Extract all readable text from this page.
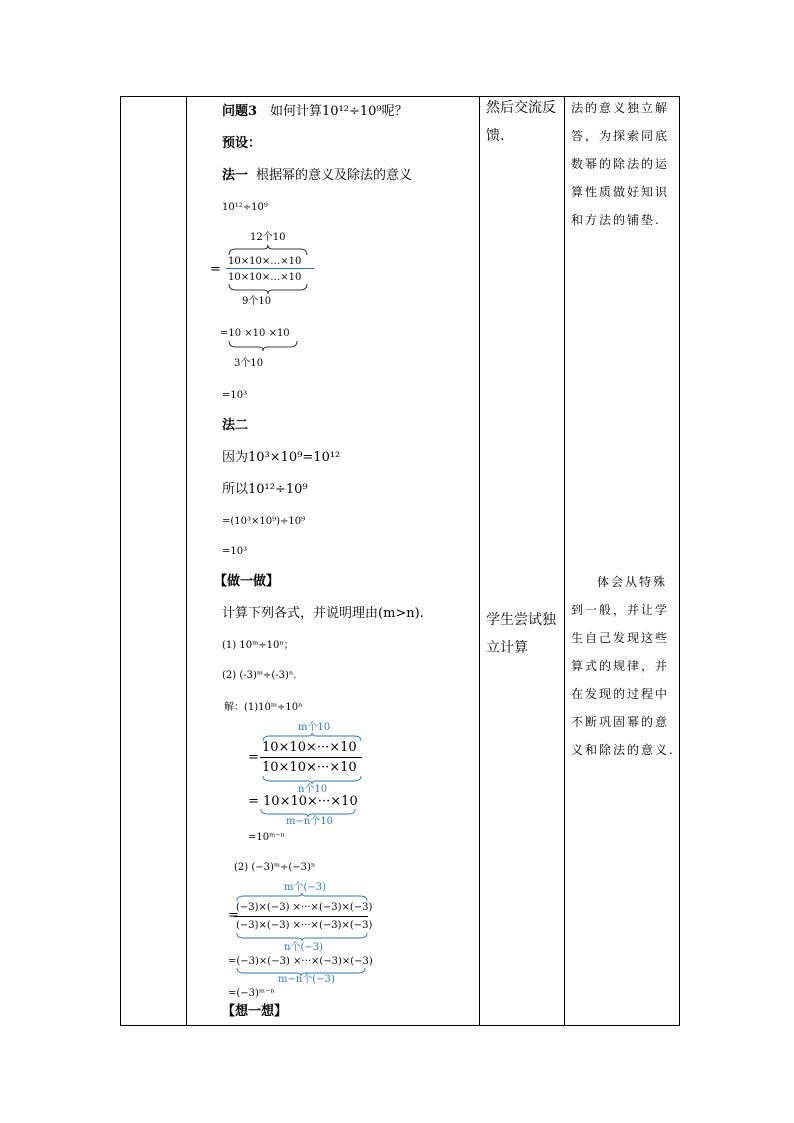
问题3 如何计算10¹²÷10⁹呢？
预设：
法一 根据幂的意义及除法的意义
10¹²÷10⁹
12个10
10×10×…×10
=
10×10×…×10
9个10
=10 ×10 ×10
3个10
=10³
法二
因为10³×10⁹=10¹²
所以10¹²÷10⁹
=(10³×10⁹)÷10⁹
=10³
【做一做】
计算下列各式，并说明理由(m>n).
(1) 10ᵐ÷10ⁿ；
(2) (-3)ᵐ÷(-3)ⁿ.
解：(1)10ᵐ÷10ⁿ
m个10
10×10×···×10
=
10×10×···×10
n个10
= 10×10×···×10
m−n个10
=10ᵐ⁻ⁿ
(2) (−3)ᵐ÷(−3)ⁿ
m个(−3)
(−3)×(−3) ×···×(−3)×(−3)
=
(−3)×(−3) ×···×(−3)×(−3)
n个(−3)
=(−3)×(−3) ×···×(−3)×(−3)
m−n个(−3)
=(−3)ᵐ⁻ⁿ
【想一想】
然后交流反
馈.
学生尝试独
立计算
法的意义独立解
答，为探索同底
数幂的除法的运
算性质做好知识
和方法的铺垫.
体会从特殊
到一般，并让学
生自己发现这些
算式的规律，并
在发现的过程中
不断巩固幂的意
义和除法的意义.
